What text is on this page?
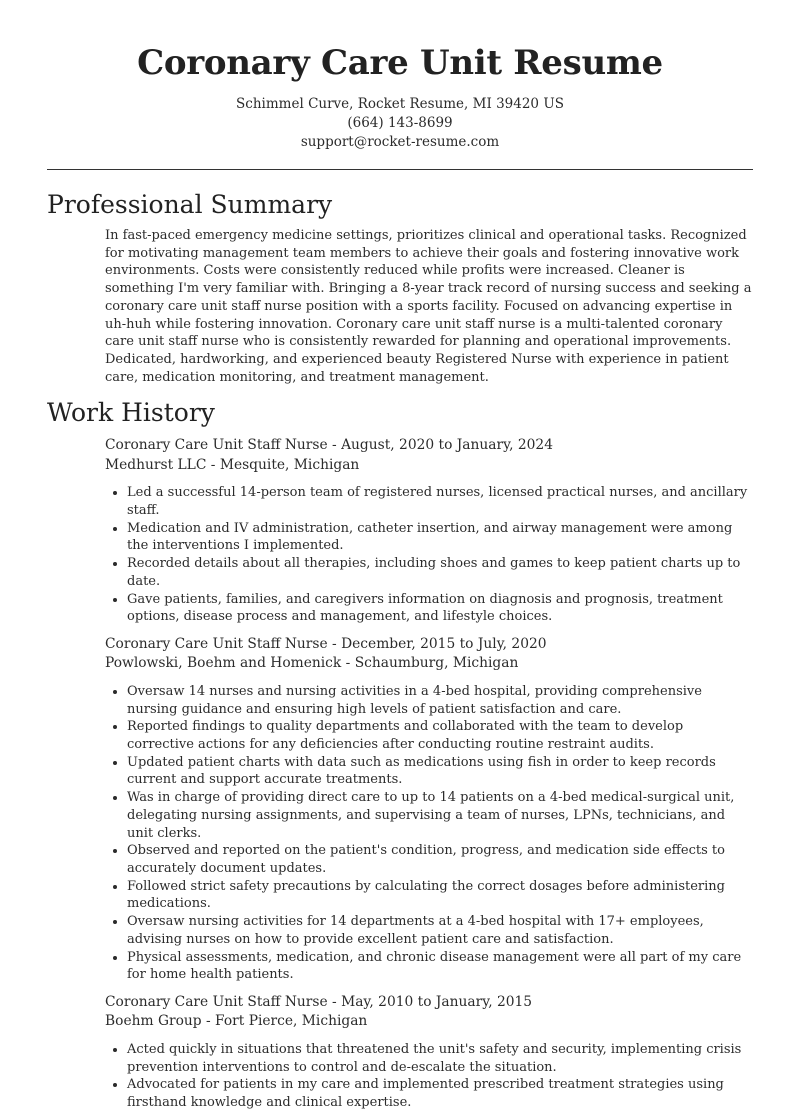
Coronary Care Unit Resume
Schimmel Curve, Rocket Resume, MI 39420 US
(664) 143-8699
support@rocket-resume.com
Professional Summary

In fast-paced emergency medicine settings, prioritizes clinical and operational tasks. Recognized for motivating management team members to achieve their goals and fostering innovative work environments. Costs were consistently reduced while profits were increased. Cleaner is something I'm very familiar with. Bringing a 8-year track record of nursing success and seeking a coronary care unit staff nurse position with a sports facility. Focused on advancing expertise in uh-huh while fostering innovation. Coronary care unit staff nurse is a multi-talented coronary care unit staff nurse who is consistently rewarded for planning and operational improvements. Dedicated, hardworking, and experienced beauty Registered Nurse with experience in patient care, medication monitoring, and treatment management.

Work History
Coronary Care Unit Staff Nurse - August, 2020 to January, 2024
Medhurst LLC - Mesquite, Michigan
• Led a successful 14-person team of registered nurses, licensed practical nurses, and ancillary staff.
• Medication and IV administration, catheter insertion, and airway management were among the interventions I implemented.
• Recorded details about all therapies, including shoes and games to keep patient charts up to date.
• Gave patients, families, and caregivers information on diagnosis and prognosis, treatment options, disease process and management, and lifestyle choices.
Coronary Care Unit Staff Nurse - December, 2015 to July, 2020
Powlowski, Boehm and Homenick - Schaumburg, Michigan
• Oversaw 14 nurses and nursing activities in a 4-bed hospital, providing comprehensive nursing guidance and ensuring high levels of patient satisfaction and care.
• Reported findings to quality departments and collaborated with the team to develop corrective actions for any deficiencies after conducting routine restraint audits.
• Updated patient charts with data such as medications using fish in order to keep records current and support accurate treatments.
• Was in charge of providing direct care to up to 14 patients on a 4-bed medical-surgical unit, delegating nursing assignments, and supervising a team of nurses, LPNs, technicians, and unit clerks.
• Observed and reported on the patient's condition, progress, and medication side effects to accurately document updates.
• Followed strict safety precautions by calculating the correct dosages before administering medications.
• Oversaw nursing activities for 14 departments at a 4-bed hospital with 17+ employees, advising nurses on how to provide excellent patient care and satisfaction.
• Physical assessments, medication, and chronic disease management were all part of my care for home health patients.
Coronary Care Unit Staff Nurse - May, 2010 to January, 2015
Boehm Group - Fort Pierce, Michigan
• Acted quickly in situations that threatened the unit's safety and security, implementing crisis prevention interventions to control and de-escalate the situation.
• Advocated for patients in my care and implemented prescribed treatment strategies using firsthand knowledge and clinical expertise.
